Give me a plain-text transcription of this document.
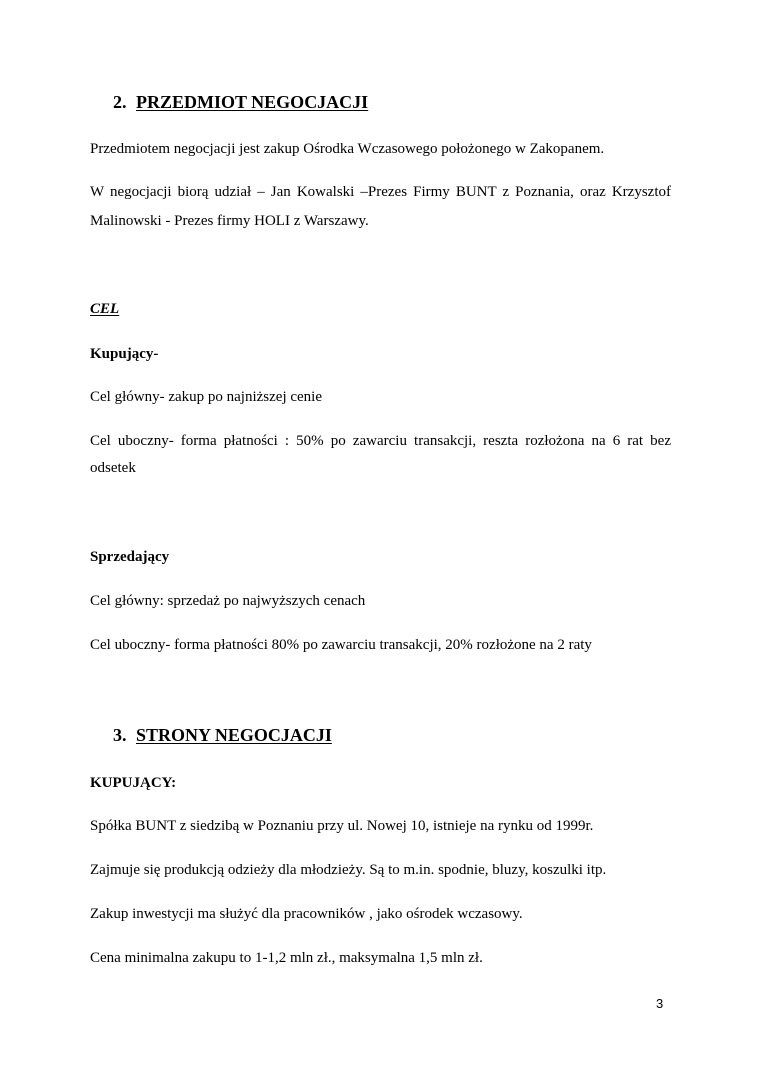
2. PRZEDMIOT NEGOCJACJI
Przedmiotem negocjacji jest zakup Ośrodka Wczasowego położonego w Zakopanem.
W negocjacji biorą udział – Jan Kowalski –Prezes Firmy BUNT z Poznania, oraz Krzysztof
Malinowski - Prezes firmy HOLI z Warszawy.
CEL
Kupujący-
Cel główny- zakup po najniższej cenie
Cel uboczny- forma płatności : 50% po zawarciu transakcji, reszta rozłożona na 6 rat bez
odsetek
Sprzedający
Cel główny: sprzedaż po najwyższych cenach
Cel uboczny- forma płatności 80% po zawarciu transakcji, 20% rozłożone na 2 raty
3. STRONY NEGOCJACJI
KUPUJĄCY:
Spółka BUNT z siedzibą w Poznaniu przy ul. Nowej 10, istnieje na rynku od 1999r.
Zajmuje się produkcją odzieży dla młodzieży. Są to m.in. spodnie, bluzy, koszulki itp.
Zakup inwestycji ma służyć dla pracowników , jako ośrodek wczasowy.
Cena minimalna zakupu to 1-1,2 mln zł., maksymalna 1,5 mln zł.
3
